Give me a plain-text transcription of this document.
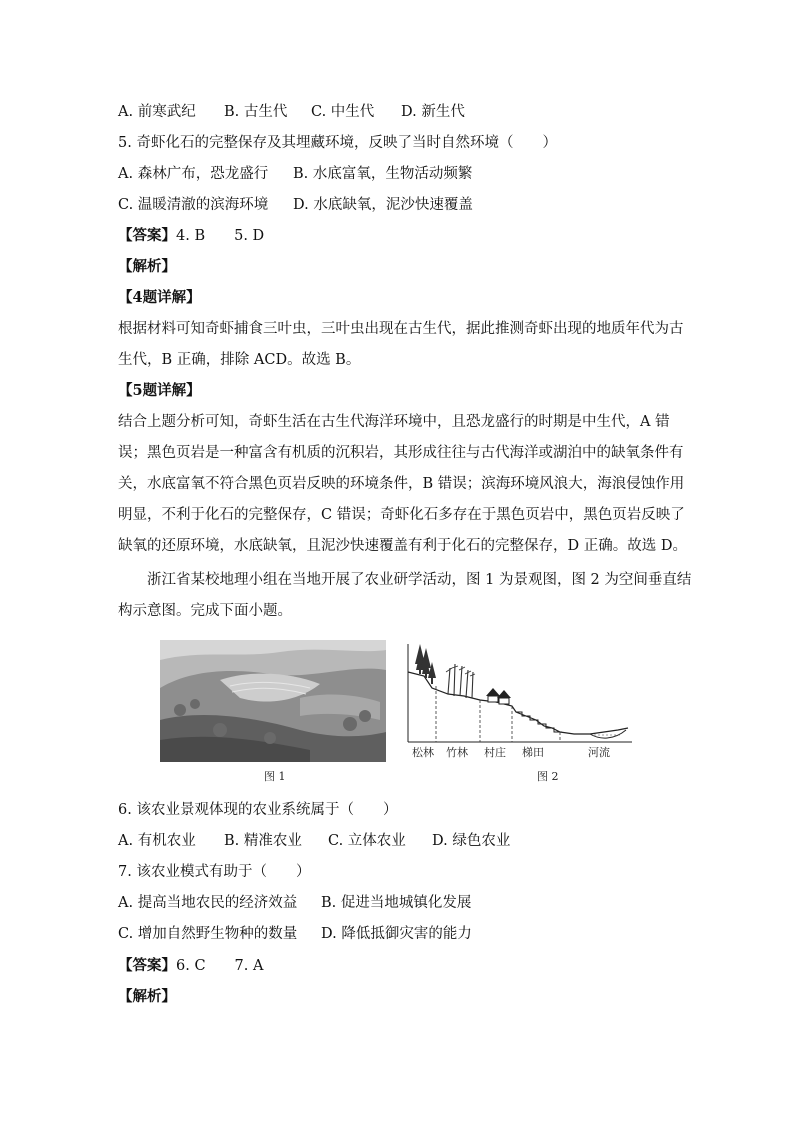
A. 前寒武纪 B. 古生代 C. 中生代 D. 新生代
5. 奇虾化石的完整保存及其埋藏环境，反映了当时自然环境（　　）
A. 森林广布，恐龙盛行 B. 水底富氧，生物活动频繁
C. 温暖清澈的滨海环境 D. 水底缺氧，泥沙快速覆盖
【答案】4. B　　5. D
【解析】
【4题详解】
根据材料可知奇虾捕食三叶虫，三叶虫出现在古生代，据此推测奇虾出现的地质年代为古
生代，B 正确，排除 ACD。故选 B。
【5题详解】
结合上题分析可知，奇虾生活在古生代海洋环境中，且恐龙盛行的时期是中生代，A 错
误；黑色页岩是一种富含有机质的沉积岩，其形成往往与古代海洋或湖泊中的缺氧条件有
关，水底富氧不符合黑色页岩反映的环境条件，B 错误；滨海环境风浪大，海浪侵蚀作用
明显，不利于化石的完整保存，C 错误；奇虾化石多存在于黑色页岩中，黑色页岩反映了
缺氧的还原环境，水底缺氧，且泥沙快速覆盖有利于化石的完整保存，D 正确。故选 D。
浙江省某校地理小组在当地开展了农业研学活动，图 1 为景观图，图 2 为空间垂直结
构示意图。完成下面小题。
图 1
松林 竹林 村庄 梯田	河流
图 2
6. 该农业景观体现的农业系统属于（　　）
A. 有机农业 B. 精准农业 C. 立体农业 D. 绿色农业
7. 该农业模式有助于（　　）
A. 提高当地农民的经济效益 B. 促进当地城镇化发展
C. 增加自然野生物种的数量 D. 降低抵御灾害的能力
【答案】6. C　　7. A
【解析】
